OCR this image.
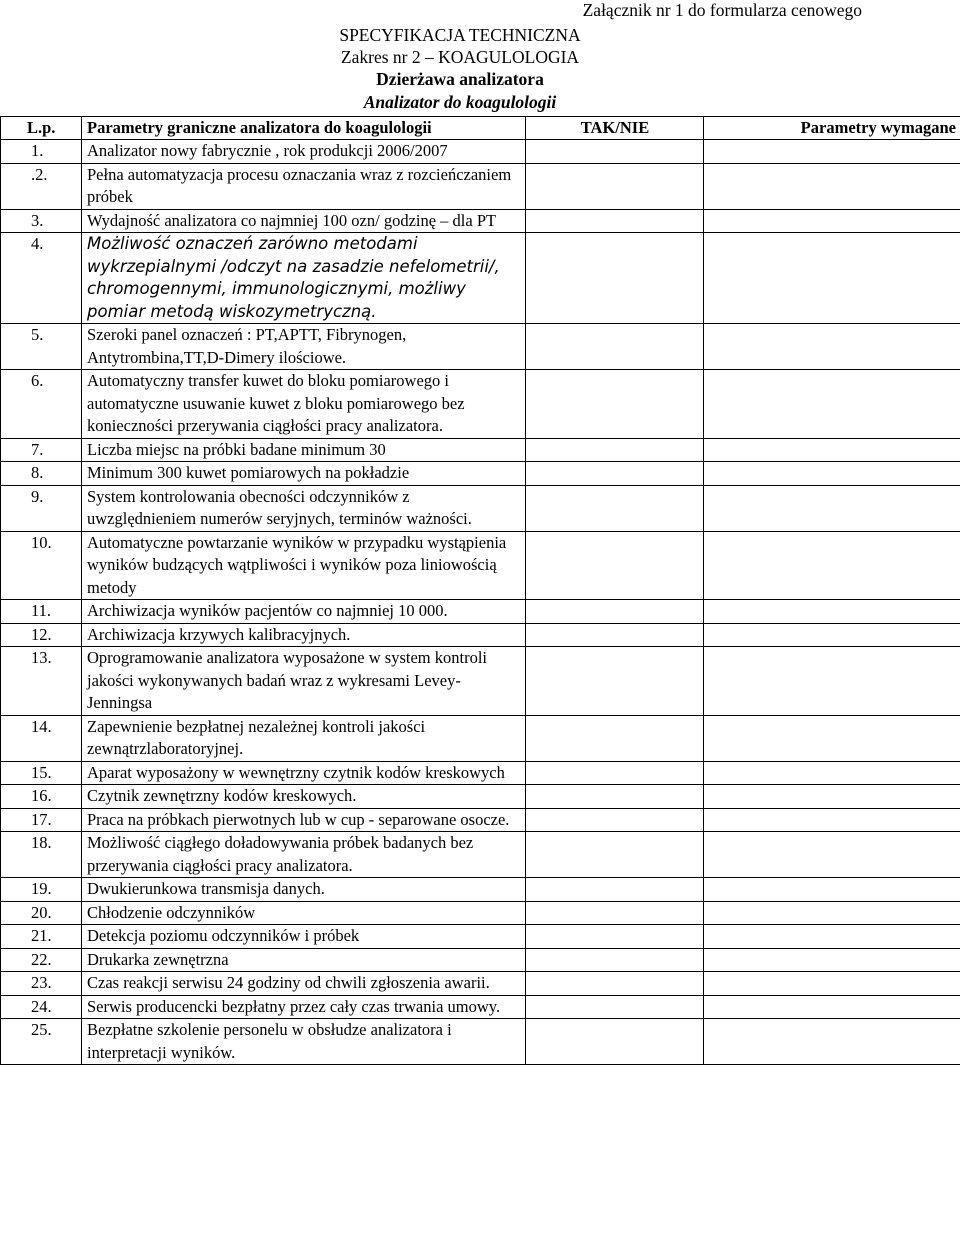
Załącznik nr 1 do formularza cenowego
SPECYFIKACJA TECHNICZNA
Zakres nr 2 – KOAGULOLOGIA
Dzierżawa analizatora
Analizator do koagulologii
L.p.	Parametry graniczne analizatora do koagulologii	TAK/NIE	Parametry wymagane
1.	Analizator nowy fabrycznie , rok produkcji 2006/2007		
.2.	Pełna automatyzacja procesu oznaczania wraz z rozcieńczaniem próbek		
3.	Wydajność analizatora co najmniej 100 ozn/ godzinę – dla PT		
4.	Możliwość oznaczeń zarówno metodami wykrzepialnymi /odczyt na zasadzie nefelometrii/, chromogennymi, immunologicznymi, możliwy pomiar metodą wiskozymetryczną.		
5.	Szeroki panel oznaczeń : PT,APTT, Fibrynogen, Antytrombina,TT,D-Dimery ilościowe.		
6.	Automatyczny transfer kuwet do bloku pomiarowego i automatyczne usuwanie kuwet z bloku pomiarowego bez konieczności przerywania ciągłości pracy analizatora.		
7.	Liczba miejsc na próbki badane minimum 30		
8.	Minimum 300 kuwet pomiarowych na pokładzie		
9.	System kontrolowania obecności odczynników z uwzględnieniem numerów seryjnych, terminów ważności.		
10.	Automatyczne powtarzanie wyników w przypadku wystąpienia wyników budzących wątpliwości i wyników poza liniowością metody		
11.	Archiwizacja wyników pacjentów co najmniej 10 000.		
12.	Archiwizacja krzywych kalibracyjnych.		
13.	Oprogramowanie analizatora wyposażone w system kontroli jakości wykonywanych badań wraz z wykresami Levey-Jenningsa		
14.	Zapewnienie bezpłatnej nezależnej kontroli jakości zewnątrzlaboratoryjnej.		
15.	Aparat wyposażony w wewnętrzny czytnik kodów kreskowych		
16.	Czytnik zewnętrzny kodów kreskowych.		
17.	Praca na próbkach pierwotnych lub w cup - separowane osocze.		
18.	Możliwość ciągłego doładowywania próbek badanych bez przerywania ciągłości pracy analizatora.		
19.	Dwukierunkowa transmisja danych.		
20.	Chłodzenie odczynników		
21.	Detekcja poziomu odczynników i próbek		
22.	Drukarka zewnętrzna		
23.	Czas reakcji serwisu 24 godziny od chwili zgłoszenia awarii.		
24.	Serwis producencki bezpłatny przez cały czas trwania umowy.		
25.	Bezpłatne szkolenie personelu w obsłudze analizatora i interpretacji wyników.		
